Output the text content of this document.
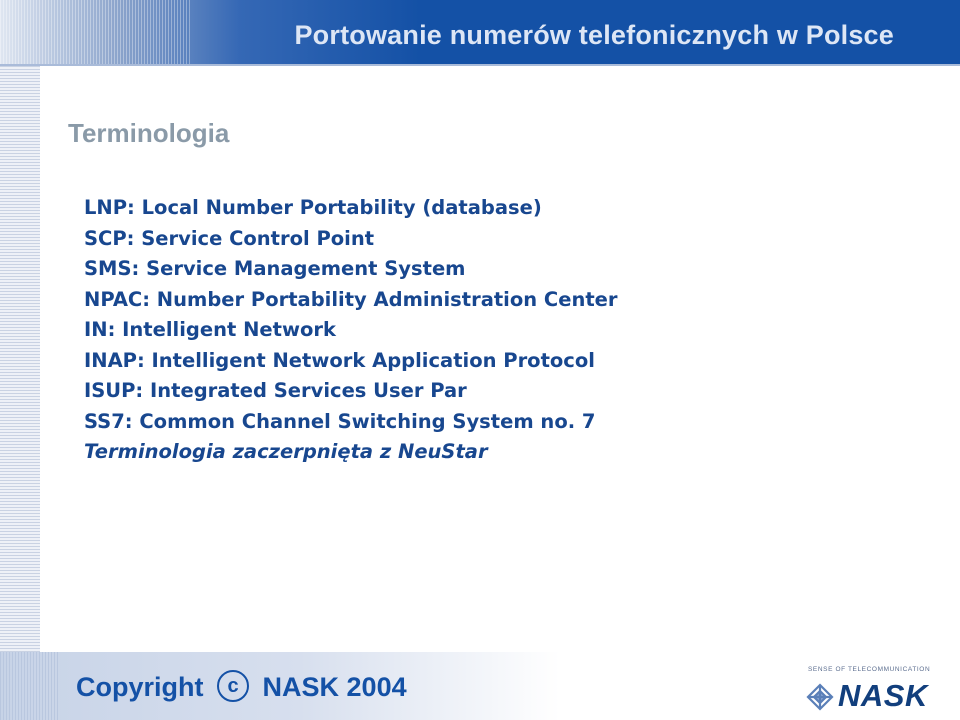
Portowanie numerów telefonicznych w Polsce
Terminologia
LNP: Local Number Portability (database)
SCP: Service Control Point
SMS: Service Management System
NPAC: Number Portability Administration Center
IN: Intelligent Network
INAP: Intelligent Network Application Protocol
ISUP: Integrated Services User Par
SS7: Common Channel Switching System no. 7
Terminologia zaczerpnięta z NeuStar
Copyright c NASK 2004
SENSE OF TELECOMMUNICATION
NASK
